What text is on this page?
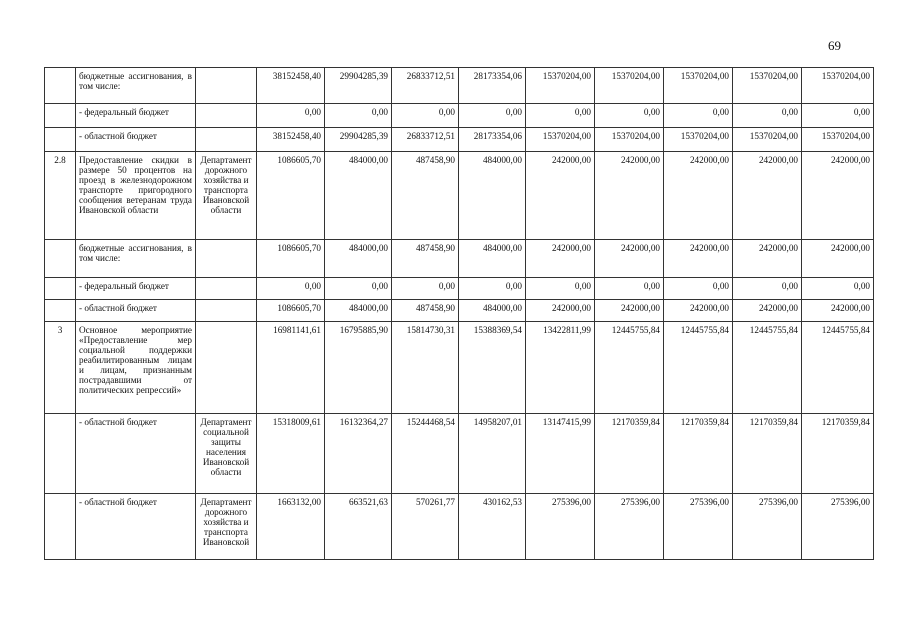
69
	бюджетные ассигнования, в том числе:		38152458,40	29904285,39	26833712,51	28173354,06	15370204,00	15370204,00	15370204,00	15370204,00	15370204,00
	- федеральный бюджет		0,00	0,00	0,00	0,00	0,00	0,00	0,00	0,00	0,00
	- областной бюджет		38152458,40	29904285,39	26833712,51	28173354,06	15370204,00	15370204,00	15370204,00	15370204,00	15370204,00
2.8	Предоставление скидки в размере 50 процентов на проезд в железнодорожном транспорте пригородного сообщения ветеранам труда Ивановской области	Департамент дорожного хозяйства и транспорта Ивановской области	1086605,70	484000,00	487458,90	484000,00	242000,00	242000,00	242000,00	242000,00	242000,00
	бюджетные ассигнования, в том числе:		1086605,70	484000,00	487458,90	484000,00	242000,00	242000,00	242000,00	242000,00	242000,00
	- федеральный бюджет		0,00	0,00	0,00	0,00	0,00	0,00	0,00	0,00	0,00
	- областной бюджет		1086605,70	484000,00	487458,90	484000,00	242000,00	242000,00	242000,00	242000,00	242000,00
3	Основное мероприятие «Предоставление мер социальной поддержки реабилитированным лицам и лицам, признанным пострадавшими от политических репрессий»		16981141,61	16795885,90	15814730,31	15388369,54	13422811,99	12445755,84	12445755,84	12445755,84	12445755,84
	- областной бюджет	Департамент социальной защиты населения Ивановской области	15318009,61	16132364,27	15244468,54	14958207,01	13147415,99	12170359,84	12170359,84	12170359,84	12170359,84
	- областной бюджет	Департамент дорожного хозяйства и транспорта Ивановской	1663132,00	663521,63	570261,77	430162,53	275396,00	275396,00	275396,00	275396,00	275396,00
